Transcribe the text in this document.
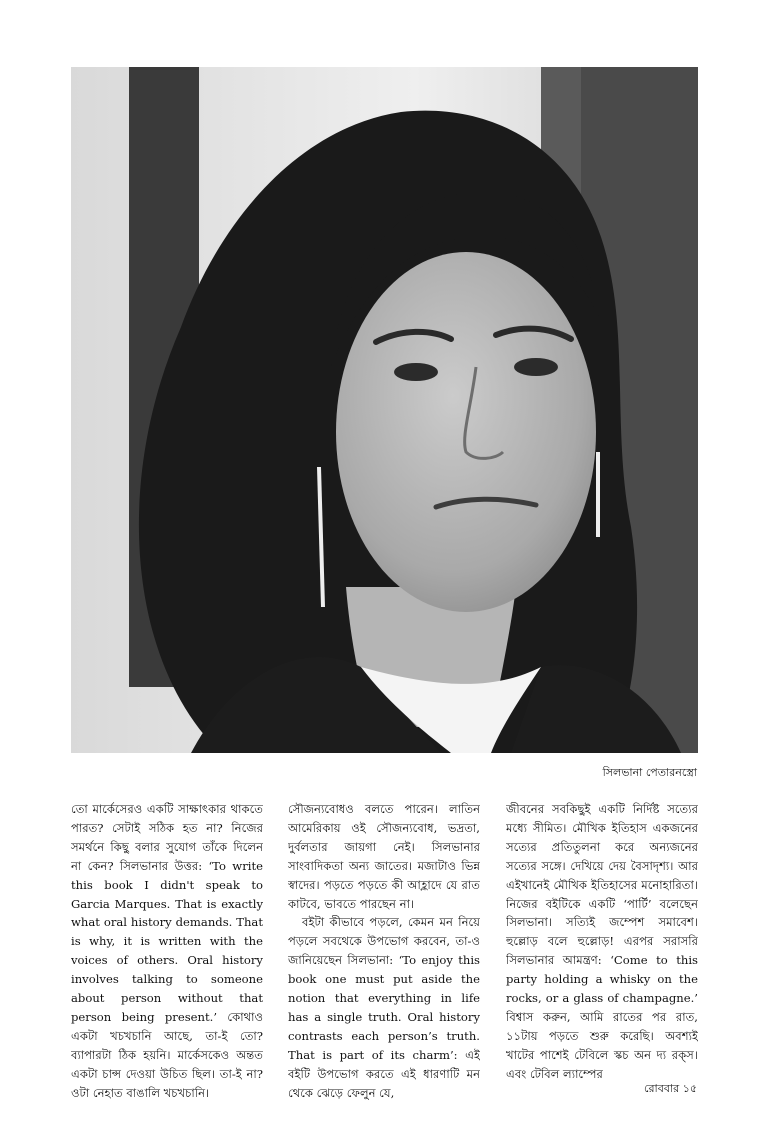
সিলভানা পেতারনস্ত্রো

তো মার্কেসেরও একটি সাক্ষাৎকার থাকতে পারত? সেটাই সঠিক হত না? নিজের সমর্থনে কিছু বলার সুযোগ তাঁকে দিলেন না কেন? সিলভানার উত্তর: ‘To write this book I didn't speak to Garcia Marques. That is exactly what oral history demands. That is why, it is written with the voices of others. Oral history involves talking to someone about person without that person being present.’ কোথাও একটা খচখচানি আছে, তা-ই তো? ব্যাপারটা ঠিক হয়নি। মার্কেসকেও অন্তত একটা চান্স দেওয়া উচিত ছিল। তা-ই না? ওটা নেহাত বাঙালি খচখচানি।

সৌজন্যবোধও বলতে পারেন। লাতিন আমেরিকায় ওই সৌজন্যবোধ, ভদ্রতা, দুর্বলতার জায়গা নেই। সিলভানার সাংবাদিকতা অন্য জাতের। মজাটাও ভিন্ন স্বাদের। পড়তে পড়তে কী আহ্লাদে যে রাত কাটবে, ভাবতে পারছেন না।

বইটা কীভাবে পড়লে, কেমন মন নিয়ে পড়লে সবথেকে উপভোগ করবেন, তা-ও জানিয়েছেন সিলভানা: ‘To enjoy this book one must put aside the notion that everything in life has a single truth. Oral history contrasts each person’s truth. That is part of its charm’: এই বইটি উপভোগ করতে এই ধারণাটি মন থেকে ঝেড়ে ফেলুন যে,

জীবনের সবকিছুই একটি নির্দিষ্ট সত্যের মধ্যে সীমিত। মৌখিক ইতিহাস একজনের সত্যের প্রতিতুলনা করে অন্যজনের সত্যের সঙ্গে। দেখিয়ে দেয় বৈসাদৃশ্য। আর এইখানেই মৌখিক ইতিহাসের মনোহারিতা। নিজের বইটিকে একটি ‘পার্টি’ বলেছেন সিলভানা। সত্যিই জম্পেশ সমাবেশ। হুল্লোড় বলে হুল্লোড়! এরপর সরাসরি সিলভানার আমন্ত্রণ: ‘Come to this party holding a whisky on the rocks, or a glass of champagne.’ বিশ্বাস করুন, আমি রাতের পর রাত, ১১টায় পড়তে শুরু করেছি। অবশ্যই খাটের পাশেই টেবিলে স্কচ অন দ্য রক্‌স। এবং টেবিল ল্যাম্পের

রোববার ১৫
